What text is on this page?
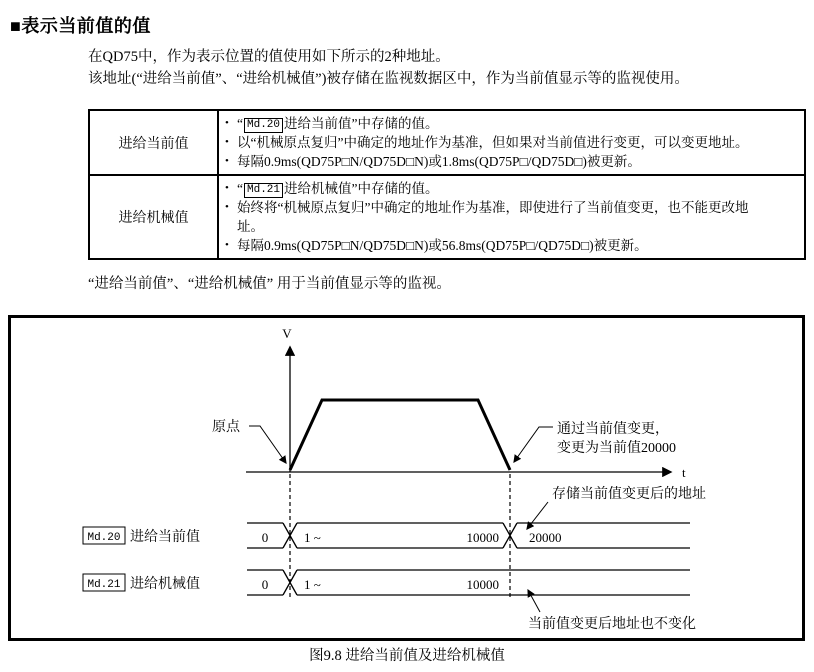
■表示当前值的值
在QD75中，作为表示位置的值使用如下所示的2种地址。
该地址(“进给当前值”、“进给机械值”)被存储在监视数据区中，作为当前值显示等的监视使用。
进给当前值	
• “ Md.20 进给当前值”中存储的值。
• 以“机械原点复归”中确定的地址作为基准，但如果对当前值进行变更，可以变更地址。
• 每隔0.9ms(QD75P□N/QD75D□N)或1.8ms(QD75P□/QD75D□)被更新。

进给机械值	
• “ Md.21 进给机械值”中存储的值。
• 始终将“机械原点复归”中确定的地址作为基准，即使进行了当前值变更，也不能更改地址。
• 每隔0.9ms(QD75P□N/QD75D□N)或56.8ms(QD75P□/QD75D□)被更新。
“进给当前值”、“进给机械值” 用于当前值显示等的监视。
V
t
原点	通过当前值变更，
变更为当前值20000
Md.20 进给当前值	0	1 ~	10000 20000
Md.21 进给机械值	0	1 ~	10000
存储当前值变更后的地址
当前值变更后地址也不变化
图9.8 进给当前值及进给机械值
